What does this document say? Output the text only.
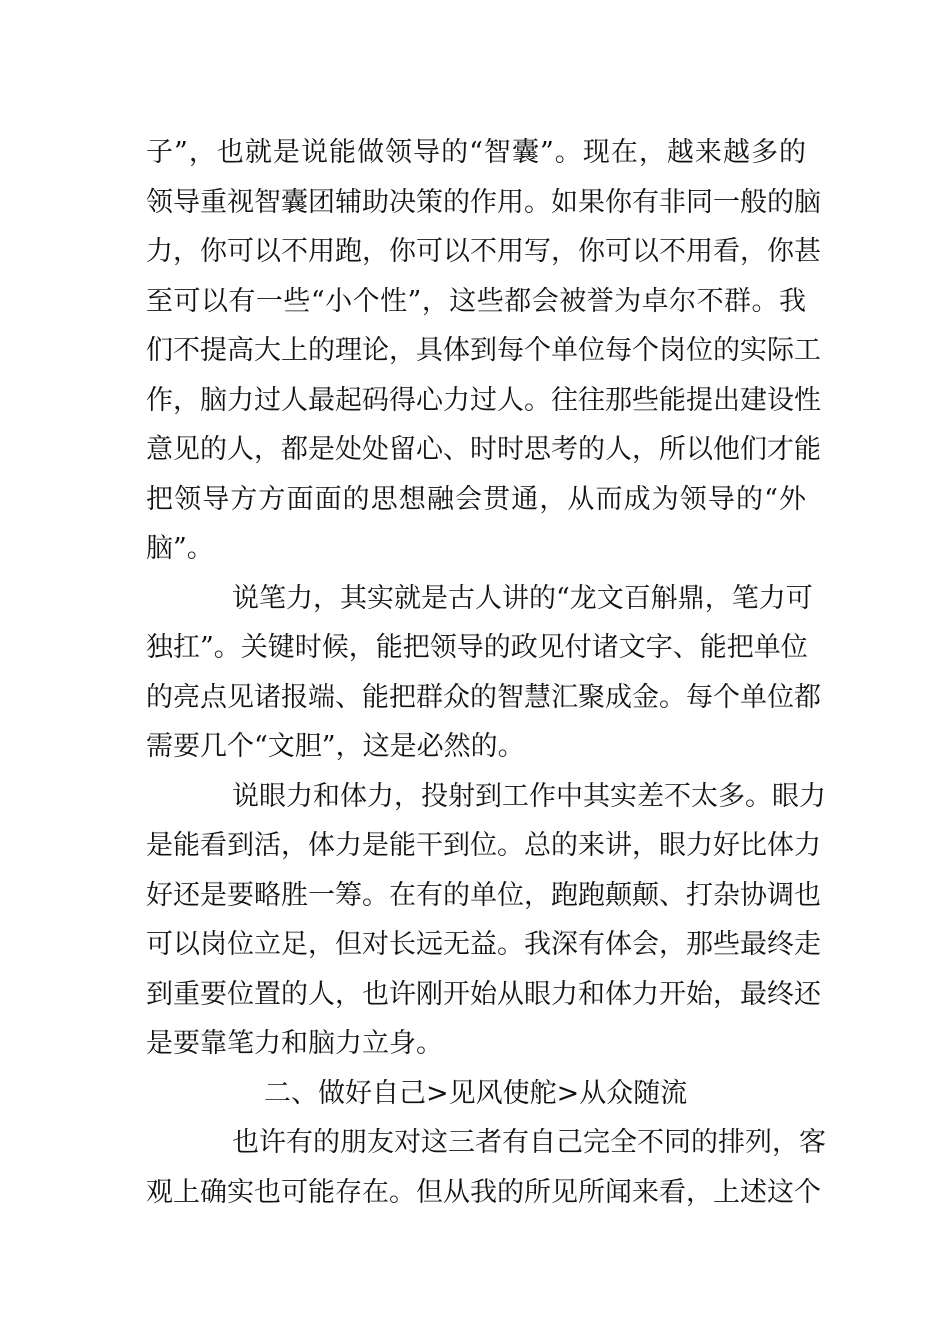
子”，也就是说能做领导的“智囊”。现在，越来越多的
领导重视智囊团辅助决策的作用。如果你有非同一般的脑
力，你可以不用跑，你可以不用写，你可以不用看，你甚
至可以有一些“小个性”，这些都会被誉为卓尔不群。我
们不提高大上的理论，具体到每个单位每个岗位的实际工
作，脑力过人最起码得心力过人。往往那些能提出建设性
意见的人，都是处处留心、时时思考的人，所以他们才能
把领导方方面面的思想融会贯通，从而成为领导的“外
脑”。
说笔力，其实就是古人讲的“龙文百斛鼎，笔力可
独扛”。关键时候，能把领导的政见付诸文字、能把单位
的亮点见诸报端、能把群众的智慧汇聚成金。每个单位都
需要几个“文胆”，这是必然的。
说眼力和体力，投射到工作中其实差不太多。眼力
是能看到活，体力是能干到位。总的来讲，眼力好比体力
好还是要略胜一筹。在有的单位，跑跑颠颠、打杂协调也
可以岗位立足，但对长远无益。我深有体会，那些最终走
到重要位置的人，也许刚开始从眼力和体力开始，最终还
是要靠笔力和脑力立身。
二、做好自己>见风使舵>从众随流
也许有的朋友对这三者有自己完全不同的排列，客
观上确实也可能存在。但从我的所见所闻来看，上述这个
